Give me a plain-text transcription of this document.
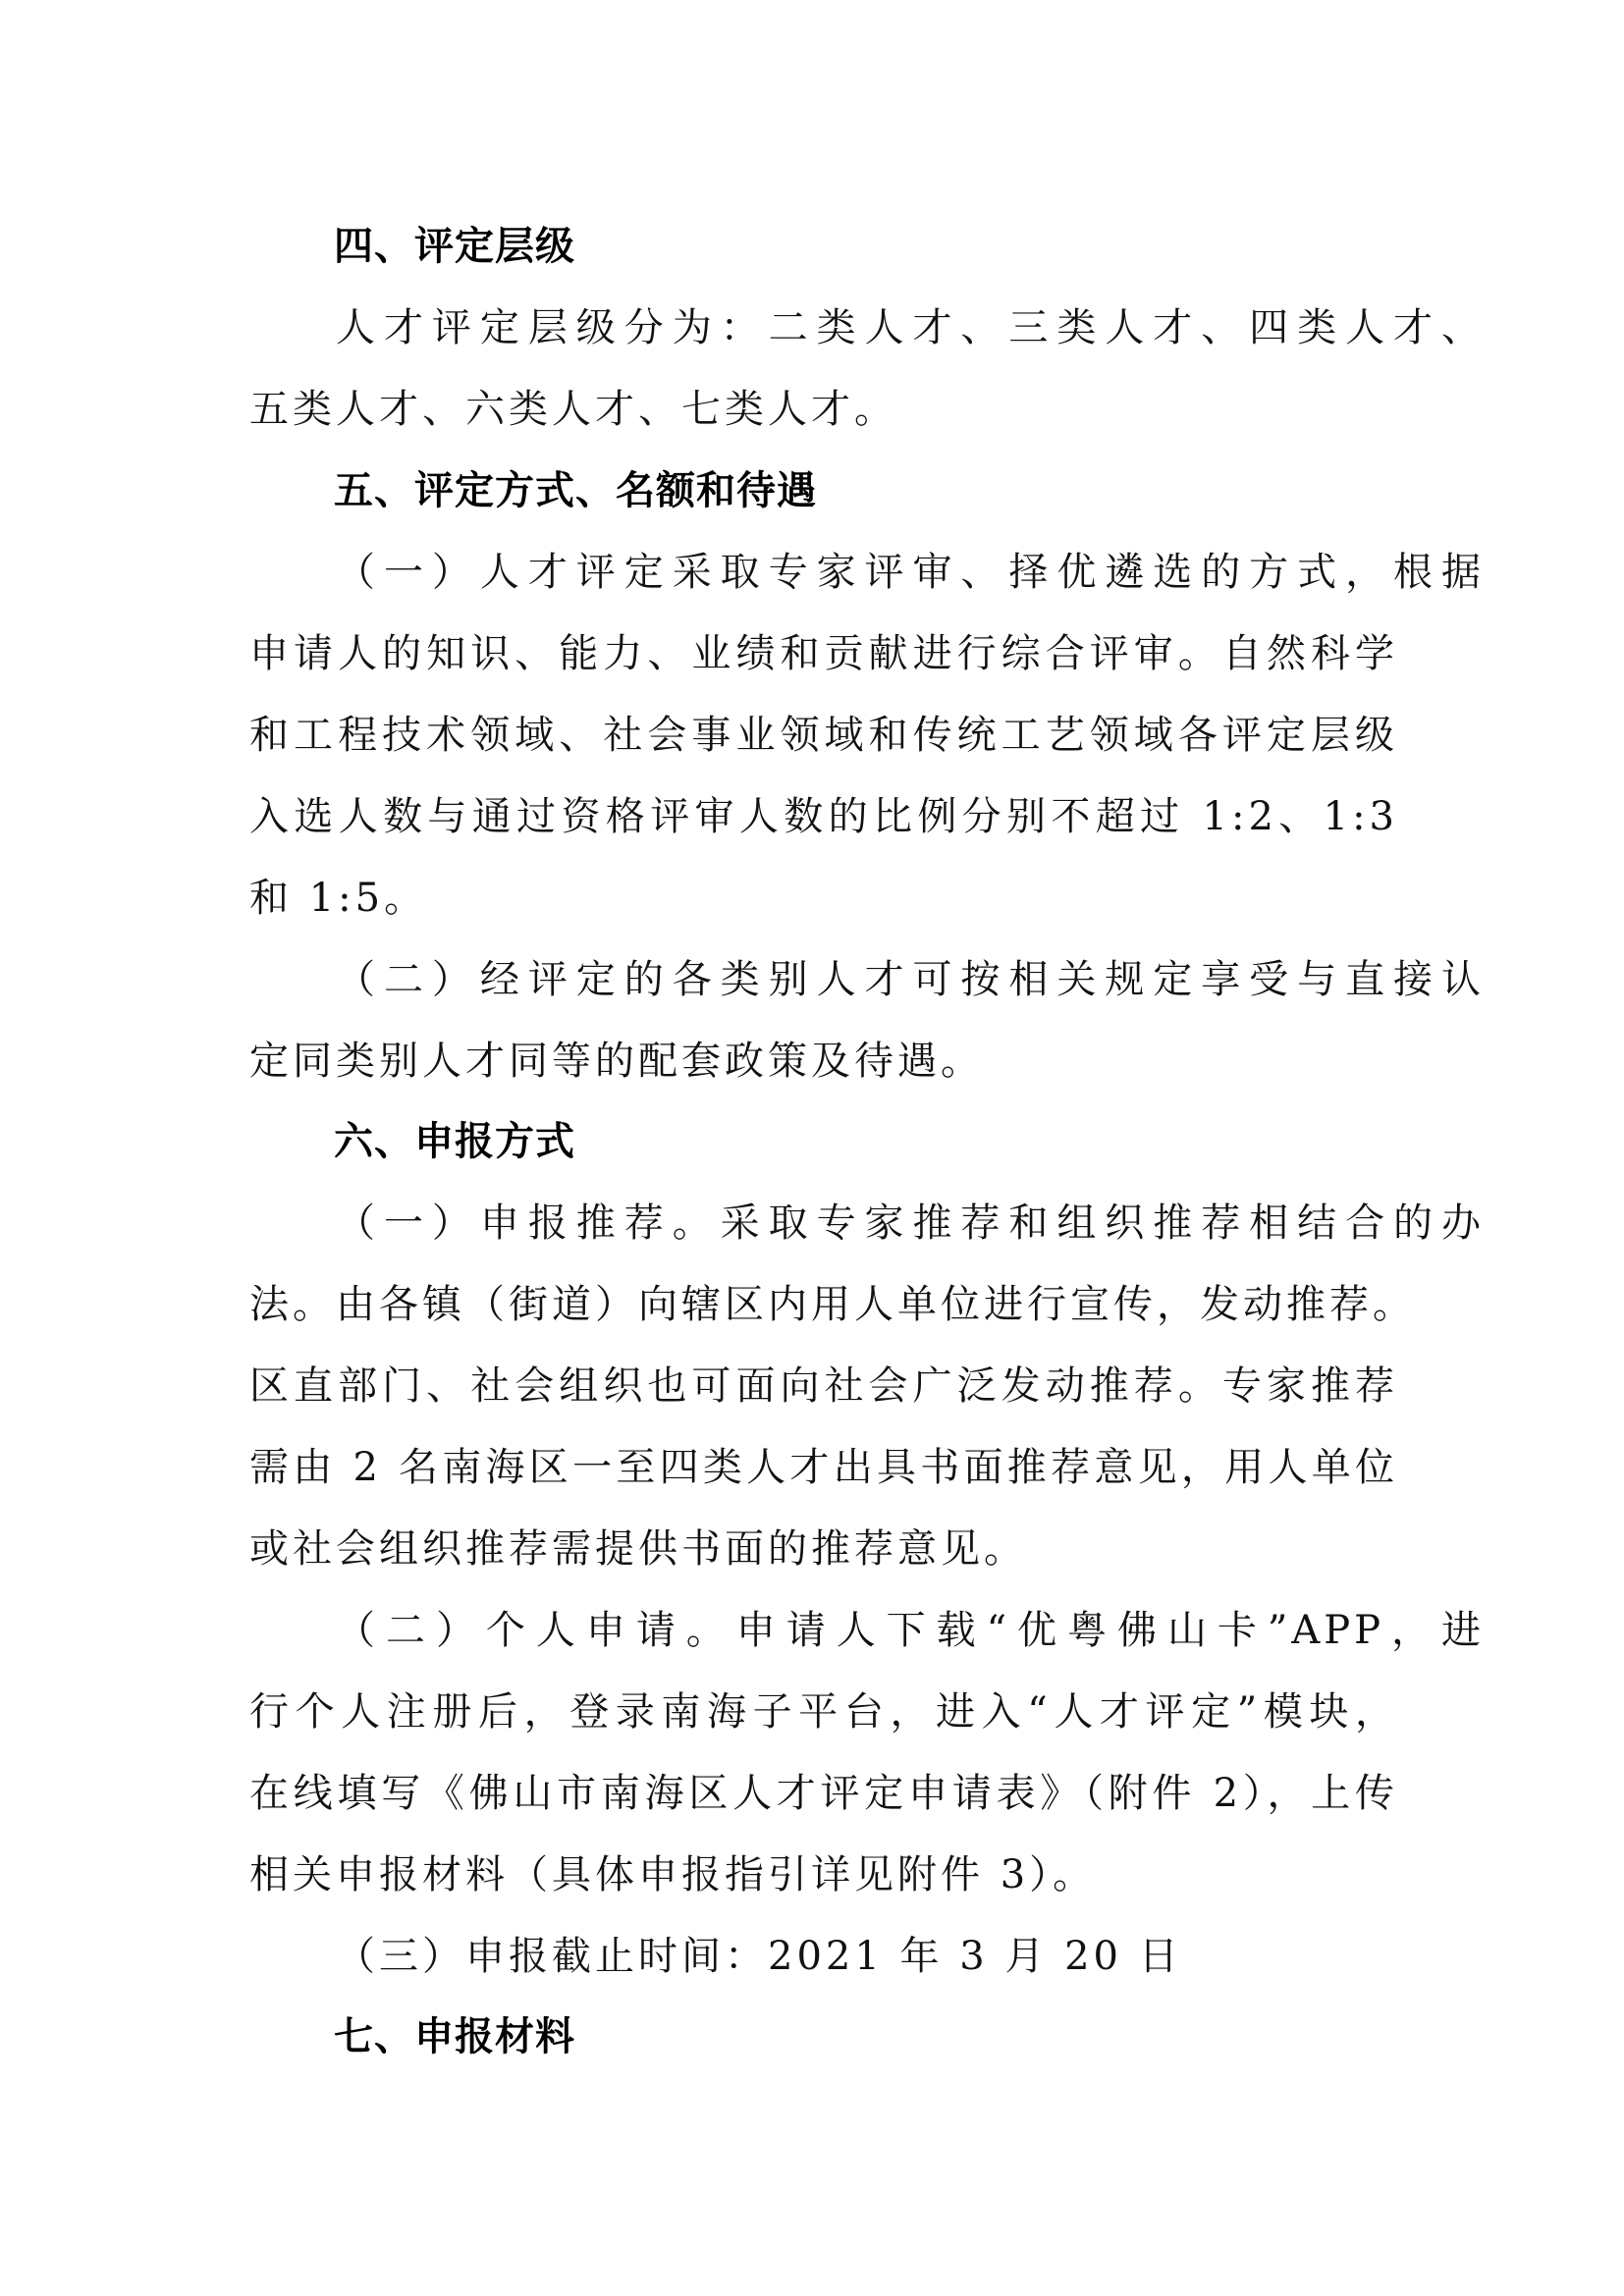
四、评定层级
人才评定层级分为：二类人才、三类人才、四类人才、
五类人才、六类人才、七类人才。
五、评定方式、名额和待遇
（一）人才评定采取专家评审、择优遴选的方式，根据
申请人的知识、能力、业绩和贡献进行综合评审。自然科学
和工程技术领域、社会事业领域和传统工艺领域各评定层级
入选人数与通过资格评审人数的比例分别不超过 1:2、1:3
和 1:5。
（二）经评定的各类别人才可按相关规定享受与直接认
定同类别人才同等的配套政策及待遇。
六、申报方式
（一）申报推荐。采取专家推荐和组织推荐相结合的办
法。由各镇（街道）向辖区内用人单位进行宣传，发动推荐。
区直部门、社会组织也可面向社会广泛发动推荐。专家推荐
需由 2 名南海区一至四类人才出具书面推荐意见，用人单位
或社会组织推荐需提供书面的推荐意见。
（二）个人申请。申请人下载“优粤佛山卡”APP，进
行个人注册后，登录南海子平台，进入“人才评定”模块，
在线填写《佛山市南海区人才评定申请表》（附件 2），上传
相关申报材料（具体申报指引详见附件 3）。
（三）申报截止时间：2021 年 3 月 20 日
七、申报材料
